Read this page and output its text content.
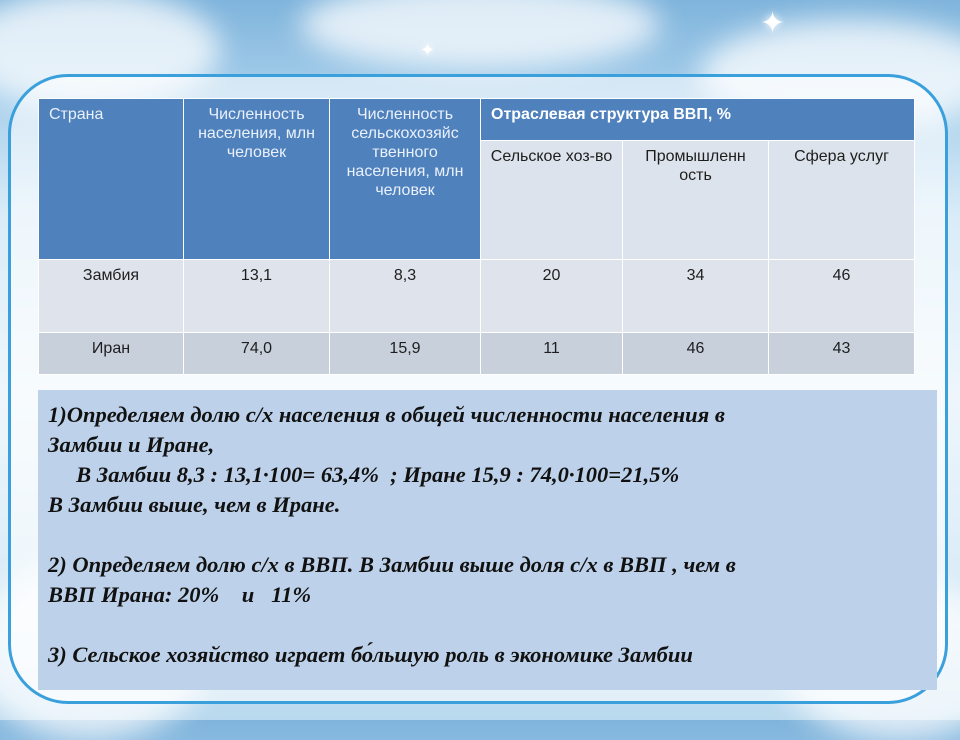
✦
✦
Страна	Численность населения, млн человек	Численность сельскохозяйс твенного населения, млн человек	Отраслевая структура ВВП, %		
			Сельское хоз-во	Промышленн ость	Сфера услуг
Замбия	13,1	8,3	20	34	46
Иран	74,0	15,9	11	46	43
1)Определяем долю с/х населения в общей численности населения в
Замбии и Иране,
В Замбии 8,3 : 13,1·100= 63,4%  ; Иране 15,9 : 74,0·100=21,5%
В Замбии выше, чем в Иране.

2) Определяем долю с/х в ВВП. В Замбии выше доля с/х в ВВП , чем в
ВВП Ирана: 20%    и   11%

3) Сельское хозяйство играет бо́льшую роль в экономике Замбии
